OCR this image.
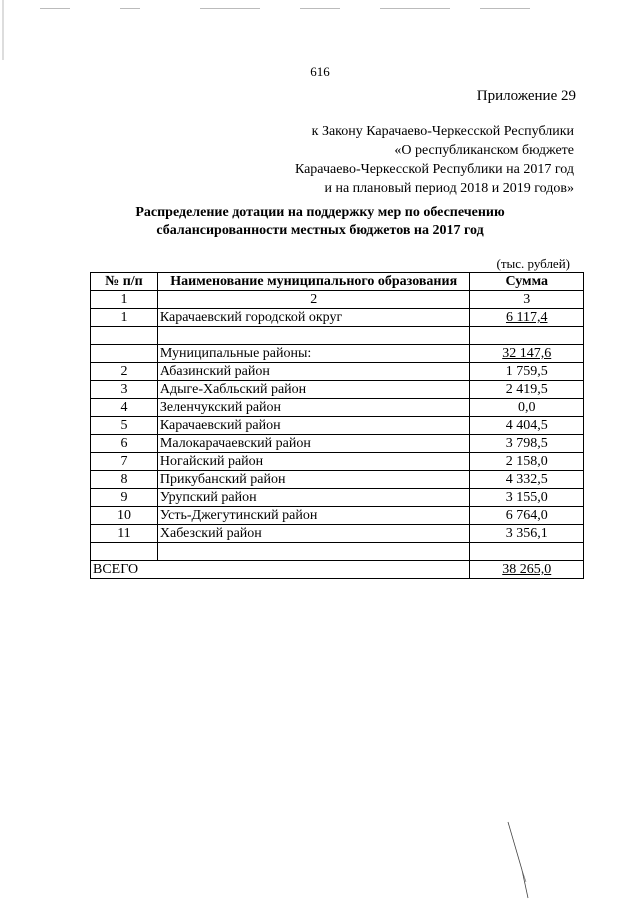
616
Приложение 29
к Закону Карачаево-Черкесской Республики
«О республиканском бюджете
Карачаево-Черкесской Республики на 2017 год
и на плановый период 2018 и 2019 годов»
Распределение дотации на поддержку мер по обеспечению
сбалансированности местных бюджетов на 2017 год
(тыс. рублей)
№ п/п	Наименование муниципального образования	Сумма
1	2	3
1	Карачаевский городской округ	6 117,4

	Муниципальные районы:	32 147,6
2	Абазинский район	1 759,5
3	Адыге-Хабльский район	2 419,5
4	Зеленчукский район	0,0
5	Карачаевский район	4 404,5
6	Малокарачаевский район	3 798,5
7	Ногайский район	2 158,0
8	Прикубанский район	4 332,5
9	Урупский район	3 155,0
10	Усть-Джегутинский район	6 764,0
11	Хабезский район	3 356,1

ВСЕГО		38 265,0
